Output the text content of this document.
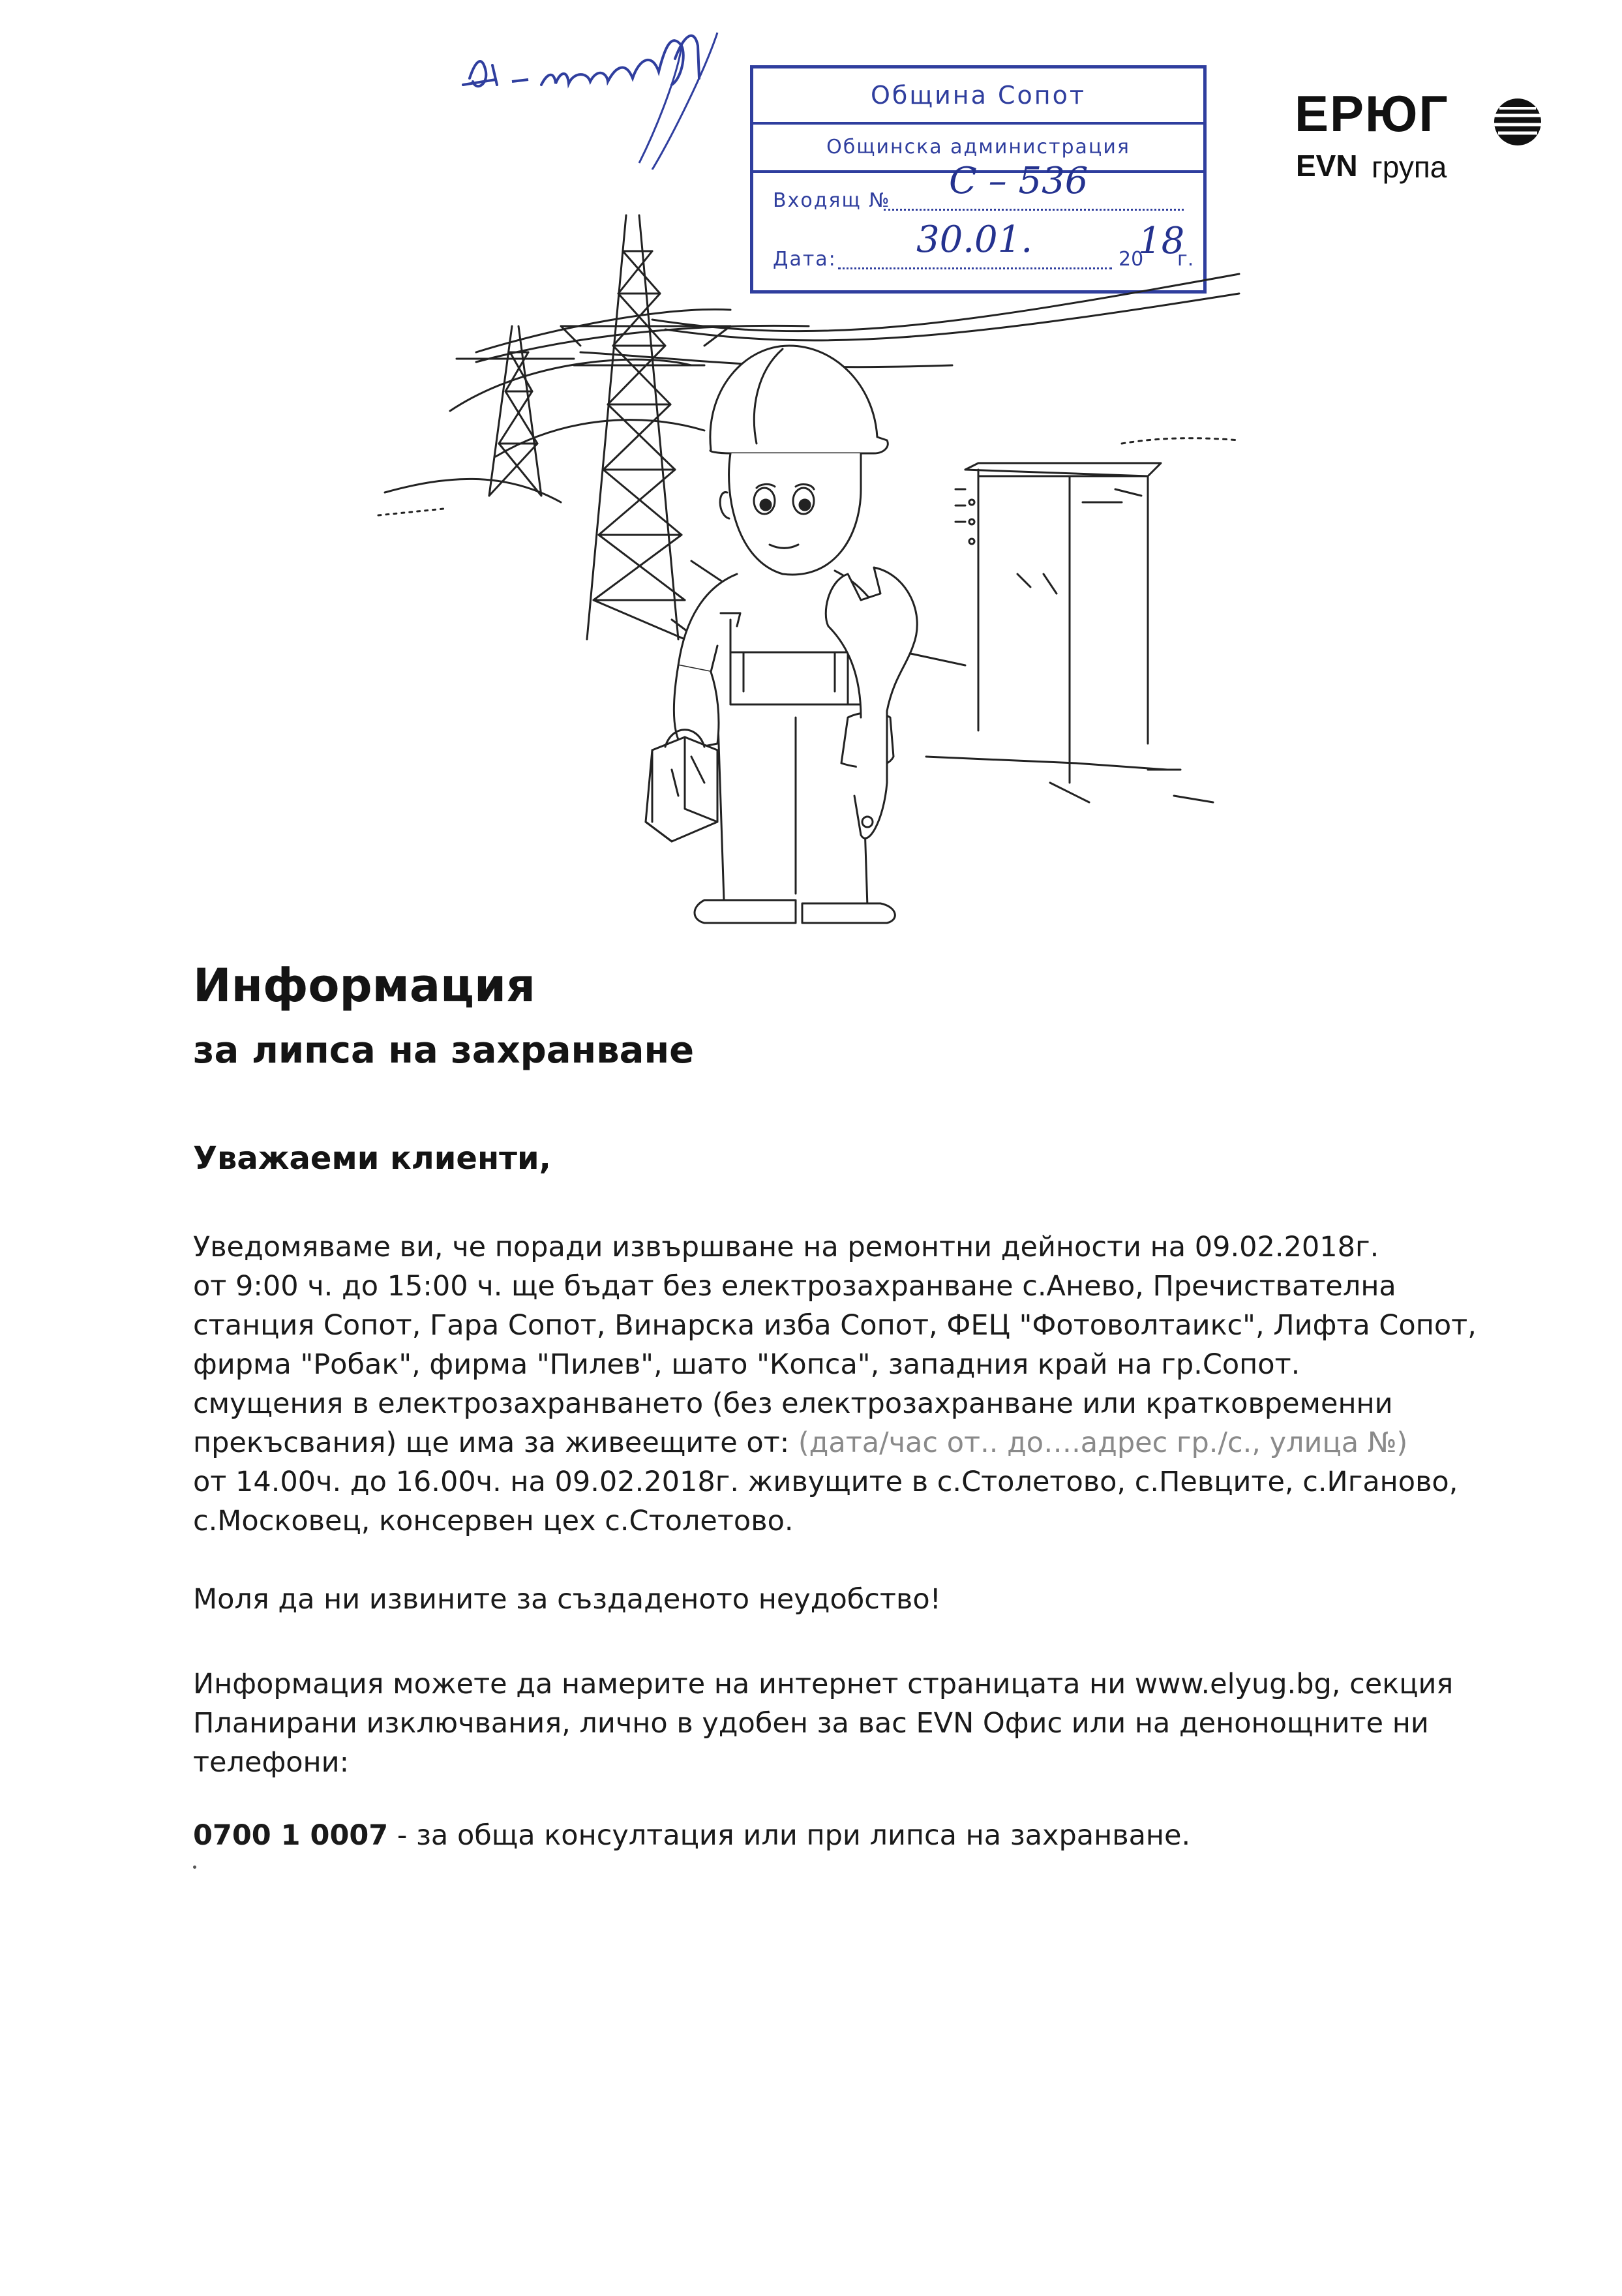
Община Сопот
Общинска администрация
Входящ №	С – 536
Дата:	30.01.	20
18
г.
ЕРЮГ
EVN група
Информация
за липса на захранване
Уважаеми клиенти,
Уведомяваме ви, че поради извършване на ремонтни дейности на 09.02.2018г.
от 9:00 ч. до 15:00 ч. ще бъдат без електрозахранване с.Анево, Пречиствателна
станция Сопот, Гара Сопот, Винарска изба Сопот, ФЕЦ "Фотоволтаикс", Лифта Сопот,
фирма "Робак", фирма "Пилев", шато "Копса", западния край на гр.Сопот.
смущения в електрозахранването (без електрозахранване или кратковременни
прекъсвания) ще има за живеещите от: (дата/час от.. до….адрес гр./с., улица №)
от 14.00ч. до 16.00ч. на 09.02.2018г. живущите в с.Столетово, с.Певците, с.Иганово,
с.Московец, консервен цех с.Столетово.
Моля да ни извините за създаденото неудобство!
Информация можете да намерите на интернет страницата ни www.elyug.bg, секция
Планирани изключвания, лично в удобен за вас EVN Офис или на денонощните ни
телефони:
0700 1 0007 - за обща консултация или при липса на захранване.
